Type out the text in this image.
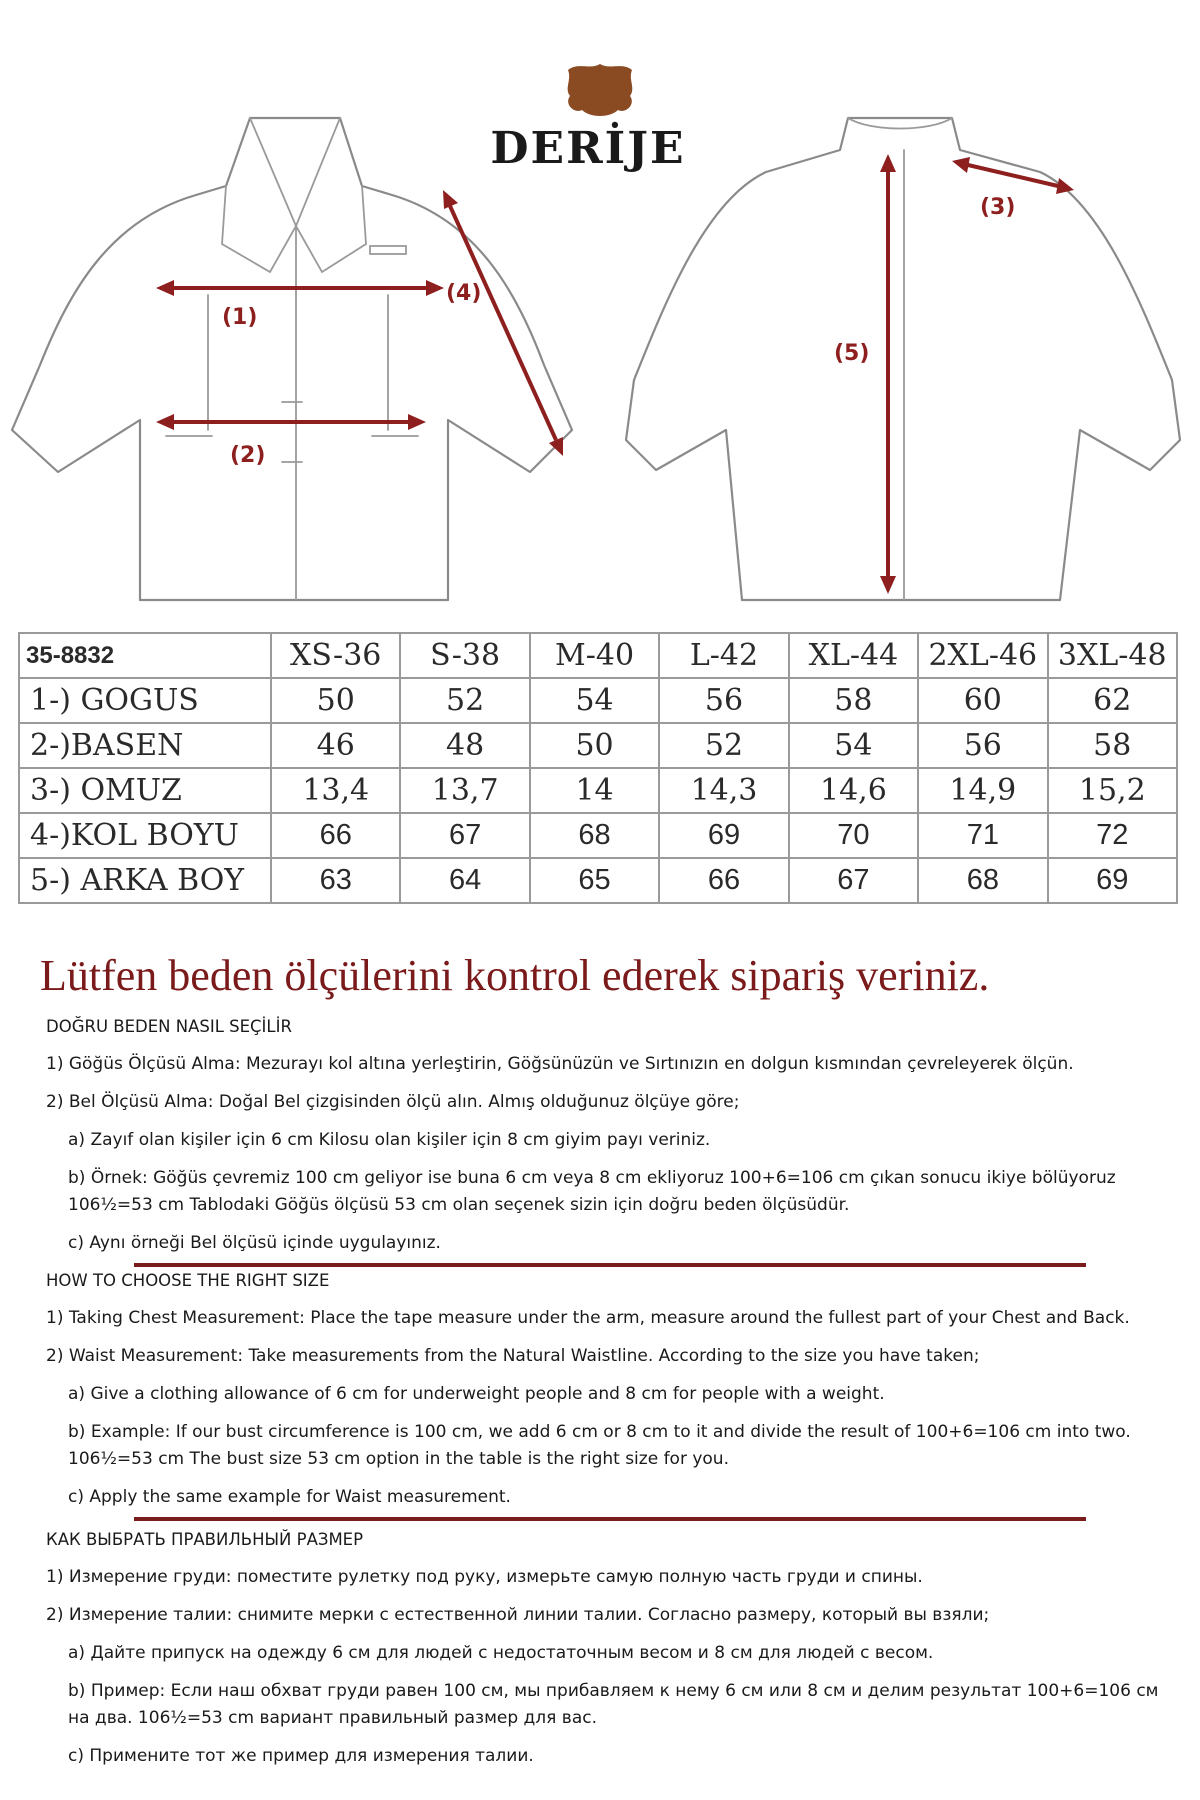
DERİJE
(1)
(2)
(4)
(3)
(5)
35-8832	XS-36	S-38	M-40	L-42	XL-44	2XL-46	3XL-48
1-) GOGUS	50	52	54	56	58	60	62
2-)BASEN	46	48	50	52	54	56	58
3-) OMUZ	13,4	13,7	14	14,3	14,6	14,9	15,2
4-)KOL BOYU	66	67	68	69	70	71	72
5-) ARKA BOY	63	64	65	66	67	68	69
Lütfen beden ölçülerini kontrol ederek sipariş veriniz.
DOĞRU BEDEN NASIL SEÇİLİR

1) Göğüs Ölçüsü Alma: Mezurayı kol altına yerleştirin, Göğsünüzün ve Sırtınızın en dolgun kısmından çevreleyerek ölçün.

2) Bel Ölçüsü Alma: Doğal Bel çizgisinden ölçü alın. Almış olduğunuz ölçüye göre;

a) Zayıf olan kişiler için 6 cm Kilosu olan kişiler için 8 cm giyim payı veriniz.

b) Örnek: Göğüs çevremiz 100 cm geliyor ise buna 6 cm veya 8 cm ekliyoruz 100+6=106 cm çıkan sonucu ikiye bölüyoruz 106½=53 cm Tablodaki Göğüs ölçüsü 53 cm olan seçenek sizin için doğru beden ölçüsüdür.

c) Aynı örneği Bel ölçüsü içinde uygulayınız.

HOW TO CHOOSE THE RIGHT SIZE

1) Taking Chest Measurement: Place the tape measure under the arm, measure around the fullest part of your Chest and Back.

2) Waist Measurement: Take measurements from the Natural Waistline. According to the size you have taken;

a) Give a clothing allowance of 6 cm for underweight people and 8 cm for people with a weight.

b) Example: If our bust circumference is 100 cm, we add 6 cm or 8 cm to it and divide the result of 100+6=106 cm into two. 106½=53 cm The bust size 53 cm option in the table is the right size for you.

c) Apply the same example for Waist measurement.

КАК ВЫБРАТЬ ПРАВИЛЬНЫЙ РАЗМЕР

1) Измерение груди: поместите рулетку под руку, измерьте самую полную часть груди и спины.

2) Измерение талии: снимите мерки с естественной линии талии. Согласно размеру, который вы взяли;

a) Дайте припуск на одежду 6 см для людей с недостаточным весом и 8 см для людей с весом.

b) Пример: Если наш обхват груди равен 100 см, мы прибавляем к нему 6 см или 8 см и делим результат 100+6=106 см на два. 106½=53 cm вариант правильный размер для вас.

c) Примените тот же пример для измерения талии.
